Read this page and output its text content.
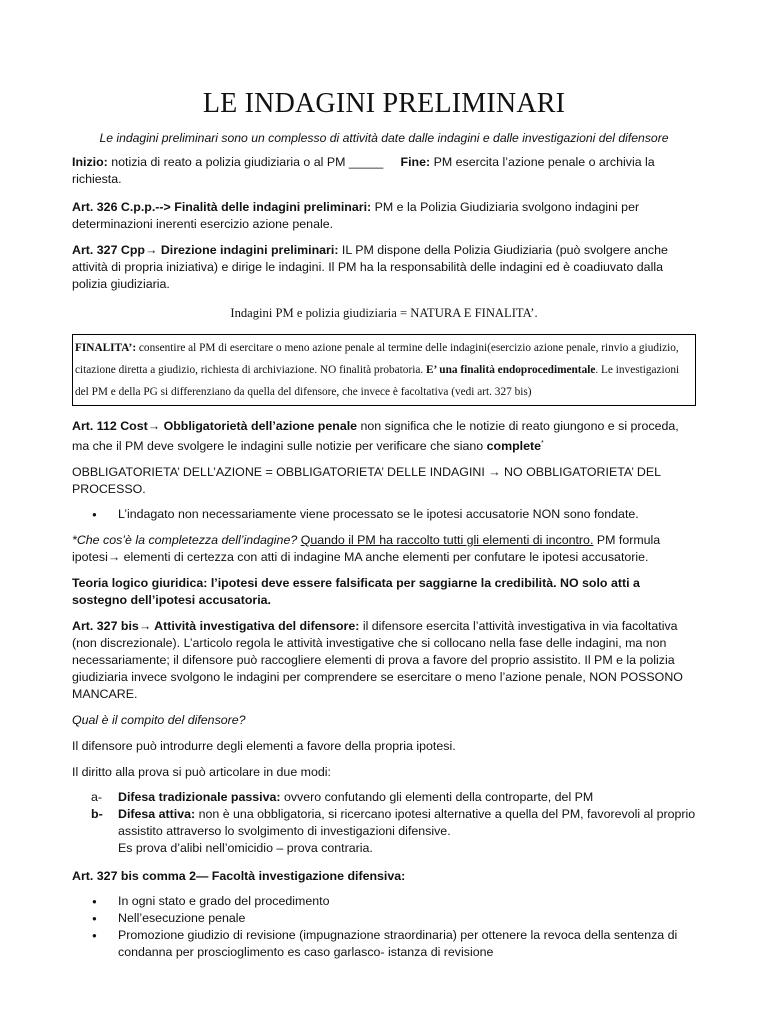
LE INDAGINI PRELIMINARI

Le indagini preliminari sono un complesso di attività date dalle indagini e dalle investigazioni del difensore

Inizio: notizia di reato a polizia giudiziaria o al PM _____ Fine: PM esercita l’azione penale o archivia la richiesta.

Art. 326 C.p.p.--> Finalità delle indagini preliminari: PM e la Polizia Giudiziaria svolgono indagini per determinazioni inerenti esercizio azione penale.

Art. 327 Cpp→ Direzione indagini preliminari: IL PM dispone della Polizia Giudiziaria (può svolgere anche attività di propria iniziativa) e dirige le indagini. Il PM ha la responsabilità delle indagini ed è coadiuvato dalla polizia giudiziaria.

Indagini PM e polizia giudiziaria = NATURA E FINALITA’.

FINALITA’: consentire al PM di esercitare o meno azione penale al termine delle indagini(esercizio azione penale, rinvio a giudizio, citazione diretta a giudizio, richiesta di archiviazione. NO finalità probatoria. E’ una finalità endoprocedimentale. Le investigazioni del PM e della PG si differenziano da quella del difensore, che invece è facoltativa (vedi art. 327 bis)

Art. 112 Cost→ Obbligatorietà dell’azione penale non significa che le notizie di reato giungono e si proceda, ma che il PM deve svolgere le indagini sulle notizie per verificare che siano complete*

OBBLIGATORIETA’ DELL’AZIONE = OBBLIGATORIETA’ DELLE INDAGINI → NO OBBLIGATORIETA’ DEL PROCESSO.

● L’indagato non necessariamente viene processato se le ipotesi accusatorie NON sono fondate.

*Che cos’è la completezza dell’indagine? Quando il PM ha raccolto tutti gli elementi di incontro. PM formula ipotesi→ elementi di certezza con atti di indagine MA anche elementi per confutare le ipotesi accusatorie.

Teoria logico giuridica: l’ipotesi deve essere falsificata per saggiarne la credibilità. NO solo atti a sostegno dell’ipotesi accusatoria.

Art. 327 bis→ Attività investigativa del difensore: il difensore esercita l’attività investigativa in via facoltativa (non discrezionale). L’articolo regola le attività investigative che si collocano nella fase delle indagini, ma non necessariamente; il difensore può raccogliere elementi di prova a favore del proprio assistito. Il PM e la polizia giudiziaria invece svolgono le indagini per comprendere se esercitare o meno l’azione penale, NON POSSONO MANCARE.

Qual è il compito del difensore?

Il difensore può introdurre degli elementi a favore della propria ipotesi.

Il diritto alla prova si può articolare in due modi:

a- Difesa tradizionale passiva: ovvero confutando gli elementi della controparte, del PM
b- Difesa attiva: non è una obbligatoria, si ricercano ipotesi alternative a quella del PM, favorevoli al proprio assistito attraverso lo svolgimento di investigazioni difensive.
Es prova d’alibi nell’omicidio – prova contraria.

Art. 327 bis comma 2— Facoltà investigazione difensiva:

● In ogni stato e grado del procedimento
● Nell’esecuzione penale
● Promozione giudizio di revisione (impugnazione straordinaria) per ottenere la revoca della sentenza di condanna per proscioglimento es caso garlasco- istanza di revisione
